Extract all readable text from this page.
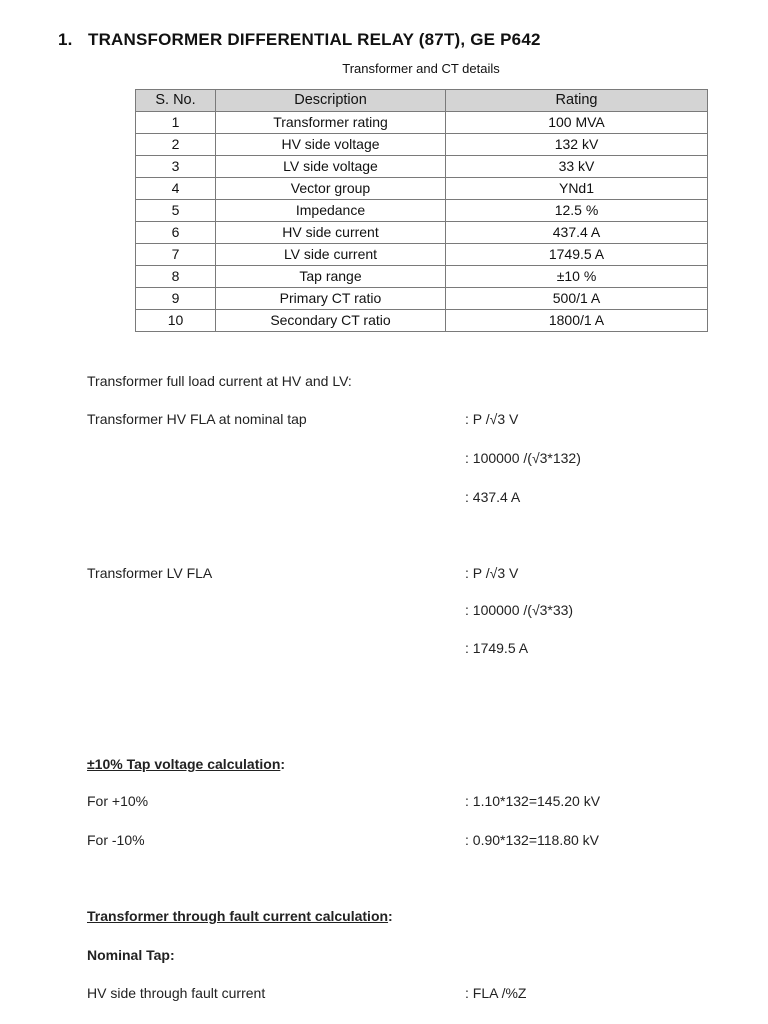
1. TRANSFORMER DIFFERENTIAL RELAY (87T), GE P642
Transformer and CT details
S. No.	Description	Rating
1	Transformer rating	100 MVA
2	HV side voltage	132 kV
3	LV side voltage	33 kV
4	Vector group	YNd1
5	Impedance	12.5 %
6	HV side current	437.4 A
7	LV side current	1749.5 A
8	Tap range	±10 %
9	Primary CT ratio	500/1 A
10	Secondary CT ratio	1800/1 A
Transformer full load current at HV and LV:
Transformer HV FLA at nominal tap	: P /√3 V
: 100000 /(√3*132)
: 437.4 A
Transformer LV FLA	: P /√3 V
: 100000 /(√3*33)
: 1749.5 A
±10% Tap voltage calculation:
For +10%	: 1.10*132=145.20 kV
For -10%	: 0.90*132=118.80 kV
Transformer through fault current calculation:
Nominal Tap:
HV side through fault current	: FLA /%Z
